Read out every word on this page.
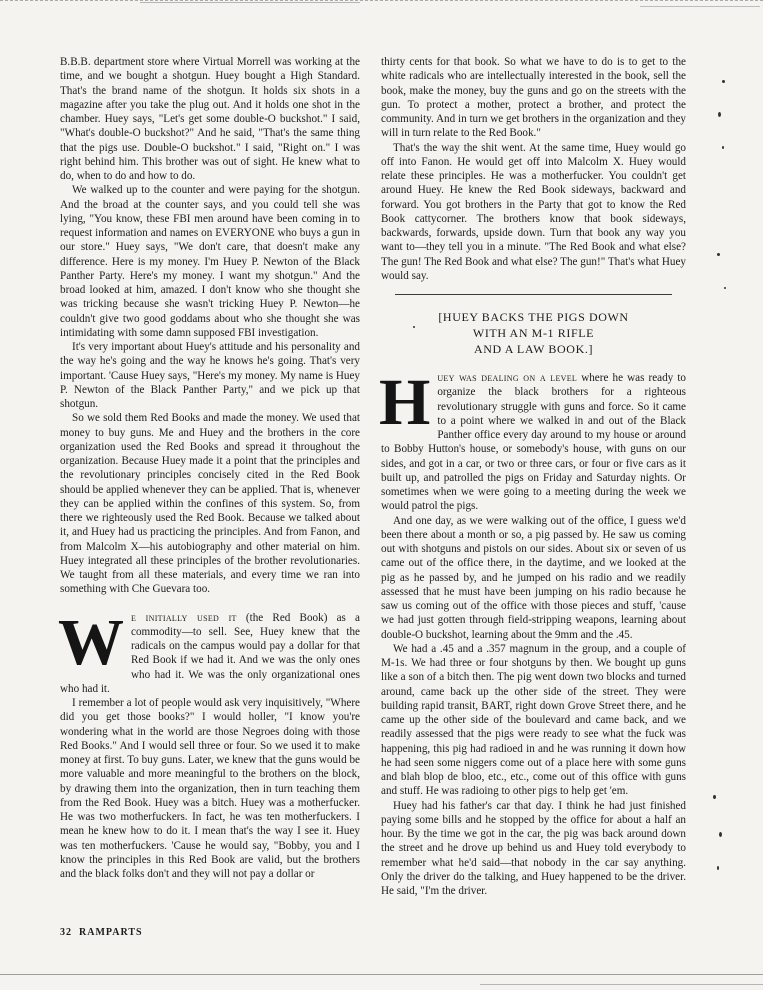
B.B.B. department store where Virtual Morrell was working at the time, and we bought a shotgun. Huey bought a High Standard. That's the brand name of the shotgun. It holds six shots in a magazine after you take the plug out. And it holds one shot in the chamber. Huey says, "Let's get some double-O buckshot." I said, "What's double-O buckshot?" And he said, "That's the same thing that the pigs use. Double-O buckshot." I said, "Right on." I was right behind him. This brother was out of sight. He knew what to do, when to do and how to do.

We walked up to the counter and were paying for the shotgun. And the broad at the counter says, and you could tell she was lying, "You know, these FBI men around have been coming in to request information and names on EVERYONE who buys a gun in our store." Huey says, "We don't care, that doesn't make any difference. Here is my money. I'm Huey P. Newton of the Black Panther Party. Here's my money. I want my shotgun." And the broad looked at him, amazed. I don't know who she thought she was tricking because she wasn't tricking Huey P. Newton—he couldn't give two good goddams about who she thought she was intimidating with some damn supposed FBI investigation.

It's very important about Huey's attitude and his personality and the way he's going and the way he knows he's going. That's very important. 'Cause Huey says, "Here's my money. My name is Huey P. Newton of the Black Panther Party," and we pick up that shotgun.

So we sold them Red Books and made the money. We used that money to buy guns. Me and Huey and the brothers in the core organization used the Red Books and spread it throughout the organization. Because Huey made it a point that the principles and the revolutionary principles concisely cited in the Red Book should be applied whenever they can be applied. That is, whenever they can be applied within the confines of this system. So, from there we righteously used the Red Book. Because we talked about it, and Huey had us practicing the principles. And from Fanon, and from Malcolm X—his autobiography and other material on him. Huey integrated all these principles of the brother revolutionaries. We taught from all these materials, and every time we ran into something with Che Guevara too.

We initially used it (the Red Book) as a commodity—to sell. See, Huey knew that the radicals on the campus would pay a dollar for that Red Book if we had it. And we was the only ones who had it. We was the only organizational ones who had it.

I remember a lot of people would ask very inquisitively, "Where did you get those books?" I would holler, "I know you're wondering what in the world are those Negroes doing with those Red Books." And I would sell three or four. So we used it to make money at first. To buy guns. Later, we knew that the guns would be more valuable and more meaningful to the brothers on the block, by drawing them into the organization, then in turn teaching them from the Red Book. Huey was a bitch. Huey was a motherfucker. He was two motherfuckers. In fact, he was ten motherfuckers. I mean he knew how to do it. I mean that's the way I see it. Huey was ten motherfuckers. 'Cause he would say, "Bobby, you and I know the principles in this Red Book are valid, but the brothers and the black folks don't and they will not pay a dollar or

thirty cents for that book. So what we have to do is to get to the white radicals who are intellectually interested in the book, sell the book, make the money, buy the guns and go on the streets with the gun. To protect a mother, protect a brother, and protect the community. And in turn we get brothers in the organization and they will in turn relate to the Red Book."

That's the way the shit went. At the same time, Huey would go off into Fanon. He would get off into Malcolm X. Huey would relate these principles. He was a motherfucker. You couldn't get around Huey. He knew the Red Book sideways, backward and forward. You got brothers in the Party that got to know the Red Book cattycorner. The brothers know that book sideways, backwards, forwards, upside down. Turn that book any way you want to—they tell you in a minute. "The Red Book and what else? The gun! The Red Book and what else? The gun!" That's what Huey would say.

[HUEY BACKS THE PIGS DOWN
WITH AN M-1 RIFLE
AND A LAW BOOK.]

Huey was dealing on a level where he was ready to organize the black brothers for a righteous revolutionary struggle with guns and force. So it came to a point where we walked in and out of the Black Panther office every day around to my house or around to Bobby Hutton's house, or somebody's house, with guns on our sides, and got in a car, or two or three cars, or four or five cars as it built up, and patrolled the pigs on Friday and Saturday nights. Or sometimes when we were going to a meeting during the week we would patrol the pigs.

And one day, as we were walking out of the office, I guess we'd been there about a month or so, a pig passed by. He saw us coming out with shotguns and pistols on our sides. About six or seven of us came out of the office there, in the daytime, and we looked at the pig as he passed by, and he jumped on his radio and we readily assessed that he must have been jumping on his radio because he saw us coming out of the office with those pieces and stuff, 'cause we had just gotten through field-stripping weapons, learning about double-O buckshot, learning about the 9mm and the .45.

We had a .45 and a .357 magnum in the group, and a couple of M-1s. We had three or four shotguns by then. We bought up guns like a son of a bitch then. The pig went down two blocks and turned around, came back up the other side of the street. They were building rapid transit, BART, right down Grove Street there, and he came up the other side of the boulevard and came back, and we readily assessed that the pigs were ready to see what the fuck was happening, this pig had radioed in and he was running it down how he had seen some niggers come out of a place here with some guns and blah blop de bloo, etc., etc., come out of this office with guns and stuff. He was radioing to other pigs to help get 'em.

Huey had his father's car that day. I think he had just finished paying some bills and he stopped by the office for about a half an hour. By the time we got in the car, the pig was back around down the street and he drove up behind us and Huey told everybody to remember what he'd said—that nobody in the car say anything. Only the driver do the talking, and Huey happened to be the driver. He said, "I'm the driver.

32 RAMPARTS
